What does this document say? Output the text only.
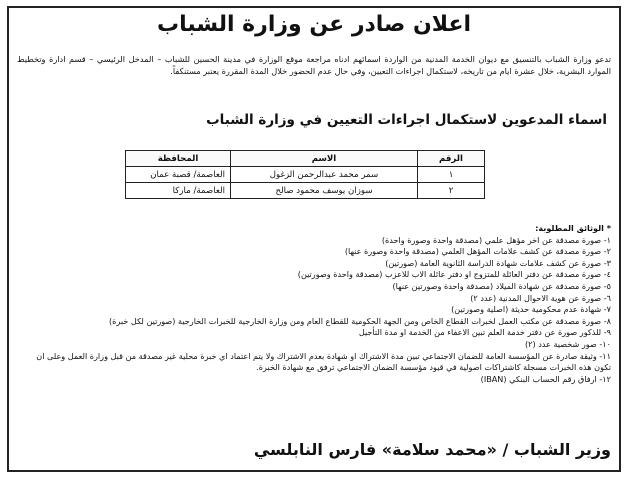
اعلان صادر عن وزارة الشباب
تدعو وزارة الشباب بالتنسيق مع ديوان الخدمة المدنية من الواردة اسمائهم ادناه مراجعة موقع الوزارة في مدينة الحسين للشباب – المدخل الرئيسي – قسم ادارة وتخطيط الموارد البشرية، خلال عشرة ايام من تاريخه، لاستكمال اجراءات التعيين، وفي حال عدم الحضور خلال المدة المقررة يعتبر مستنكفاً.
اسماء المدعوين لاستكمال اجراءات التعيين في وزارة الشباب
الرقم	الاسم	المحافظة
١	سمر محمد عبدالرحمن الزغول	العاصمة/ قصبة عمان
٢	سوزان يوسف محمود صالح	العاصمة/ ماركا
* الوثائق المطلوبة:
١- صورة مصدقة عن اخر مؤهل علمي (مصدقة واحدة وصورة واحدة)
٢- صورة مصدقة عن كشف علامات المؤهل العلمي (مصدقة واحدة وصورة عنها)
٣- صورة عن كشف علامات شهادة الدراسة الثانوية العامة (صورتين)
٤- صورة مصدقة عن دفتر العائلة للمتزوج او دفتر عائلة الاب للاعزب (مصدقة واحدة وصورتين)
٥- صورة مصدقة عن شهادة الميلاد (مصدقة واحدة وصورتين عنها)
٦- صورة عن هوية الاحوال المدنية (عدد ٢)
٧- شهادة عدم محكومية حديثة (اصلية وصورتين)
٨- صورة مصدقة عن مكتب العمل لخبرات القطاع الخاص ومن الجهة الحكومية للقطاع العام ومن وزارة الخارجية للخبرات الخارجية (صورتين لكل خبرة)
٩- للذكور صورة عن دفتر خدمة العلم تبين الاعفاء من الخدمة او مدة التأجيل
١٠- صور شخصية عدد (٢)
١١- وثيقة صادرة عن المؤسسة العامة للضمان الاجتماعي تبين مدة الاشتراك او شهادة بعدم الاشتراك ولا يتم اعتماد اي خبرة محلية غير مصدقة من قبل وزارة العمل وعلى ان تكون هذه الخبرات مسجلة كاشتراكات اصولية في قيود مؤسسة الضمان الاجتماعي ترفق مع شهادة الخبرة.
١٢- ارفاق رقم الحساب البنكي (IBAN)
وزير الشباب / «محمد سلامة» فارس النابلسي
